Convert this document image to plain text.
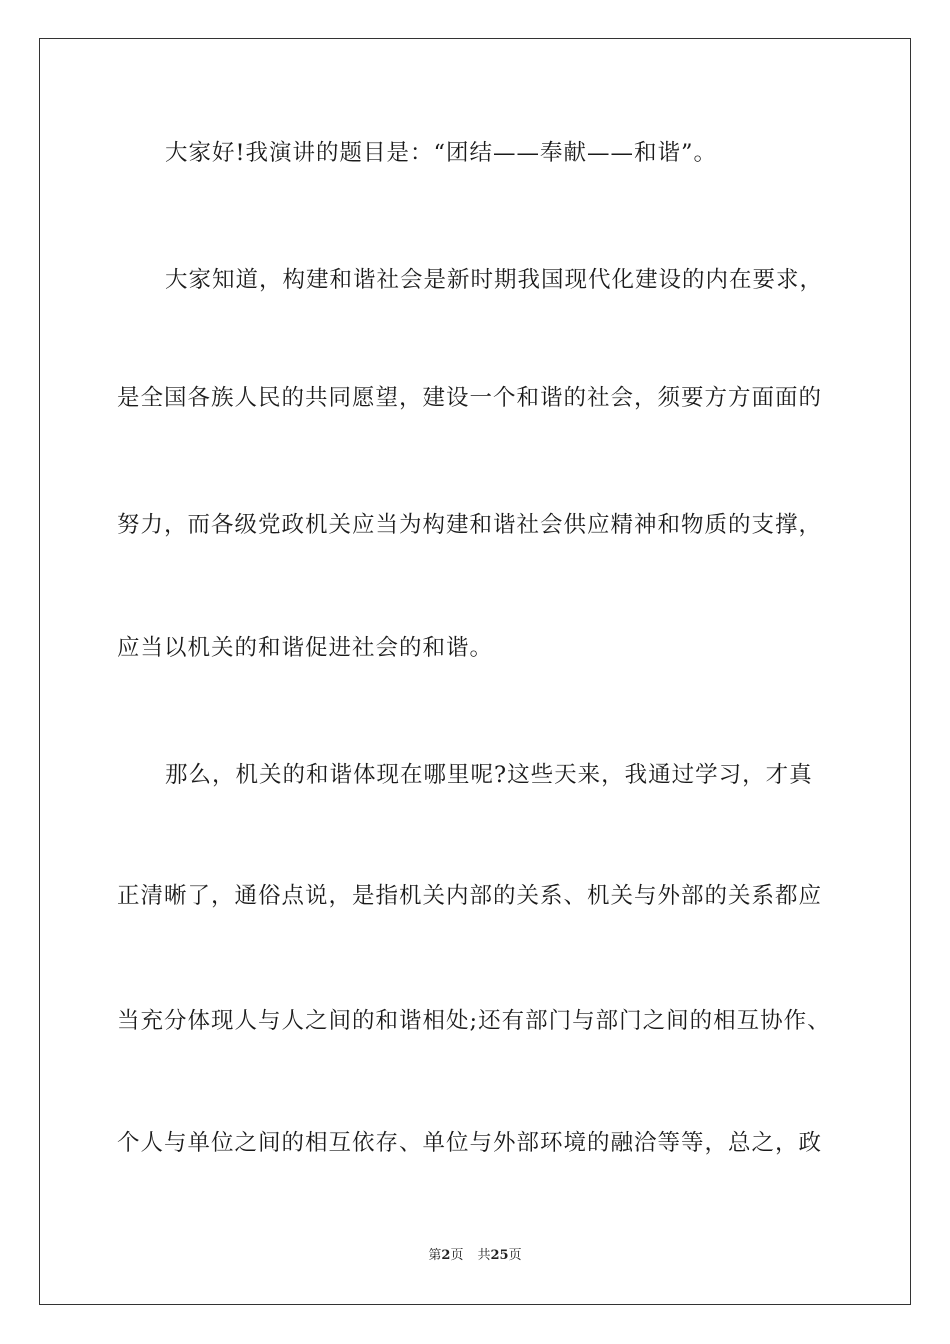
大家好!我演讲的题目是：“团结——奉献——和谐”。
大家知道，构建和谐社会是新时期我国现代化建设的内在要求，
是全国各族人民的共同愿望，建设一个和谐的社会，须要方方面面的
努力，而各级党政机关应当为构建和谐社会供应精神和物质的支撑，
应当以机关的和谐促进社会的和谐。
那么，机关的和谐体现在哪里呢?这些天来，我通过学习，才真
正清晰了，通俗点说，是指机关内部的关系、机关与外部的关系都应
当充分体现人与人之间的和谐相处;还有部门与部门之间的相互协作、
个人与单位之间的相互依存、单位与外部环境的融洽等等，总之，政
第2页 共25页
